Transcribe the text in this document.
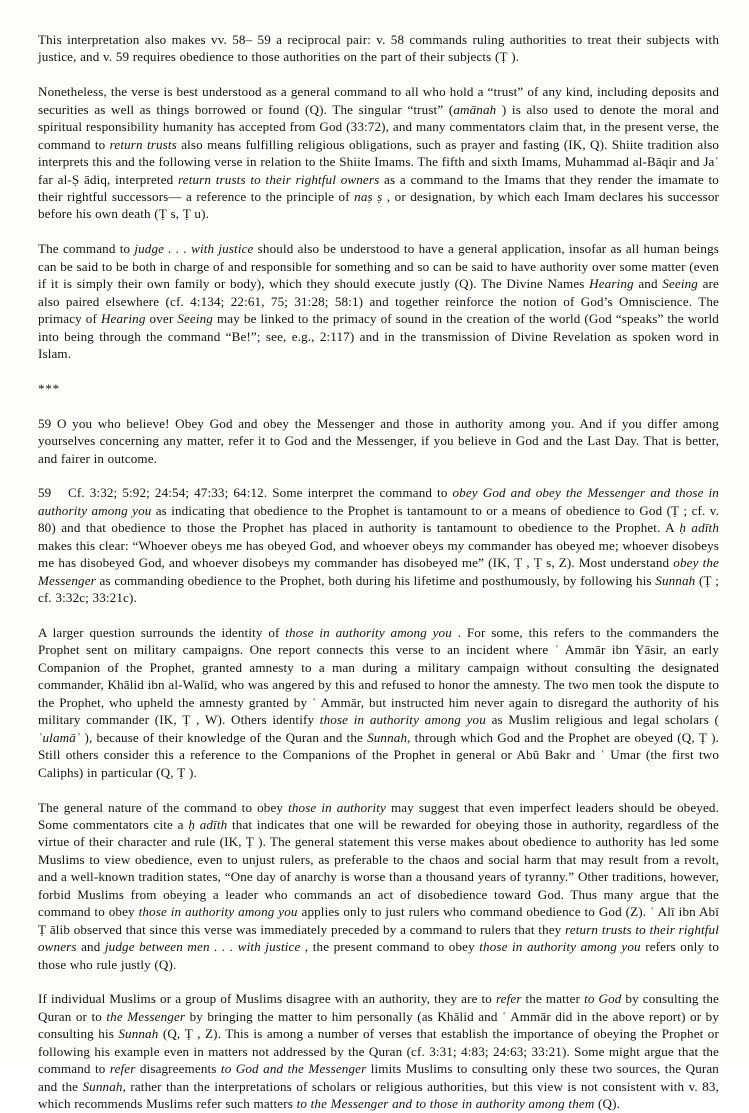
This interpretation also makes vv. 58– 59 a reciprocal pair: v. 58 commands ruling authorities to treat their subjects with justice, and v. 59 requires obedience to those authorities on the part of their subjects (Ṭ ).

Nonetheless, the verse is best understood as a general command to all who hold a “trust” of any kind, including deposits and securities as well as things borrowed or found (Q). The singular “trust” (amānah ) is also used to denote the moral and spiritual responsibility humanity has accepted from God (33:72), and many commentators claim that, in the present verse, the command to return trusts also means fulfilling religious obligations, such as prayer and fasting (IK, Q). Shiite tradition also interprets this and the following verse in relation to the Shiite Imams. The fifth and sixth Imams, Muhammad al-Bāqir and Jaʿ far al-Ṣ ādiq, interpreted return trusts to their rightful owners as a command to the Imams that they render the imamate to their rightful successors— a reference to the principle of naṣ ṣ , or designation, by which each Imam declares his successor before his own death (Ṭ s, Ṭ u).

The command to judge . . . with justice should also be understood to have a general application, insofar as all human beings can be said to be both in charge of and responsible for something and so can be said to have authority over some matter (even if it is simply their own family or body), which they should execute justly (Q). The Divine Names Hearing and Seeing are also paired elsewhere (cf. 4:134; 22:61, 75; 31:28; 58:1) and together reinforce the notion of God’s Omniscience. The primacy of Hearing over Seeing may be linked to the primacy of sound in the creation of the world (God “speaks” the world into being through the command “Be!”; see, e.g., 2:117) and in the transmission of Divine Revelation as spoken word in Islam.

***

59 O you who believe! Obey God and obey the Messenger and those in authority among you. And if you differ among yourselves concerning any matter, refer it to God and the Messenger, if you believe in God and the Last Day. That is better, and fairer in outcome.

59 Cf. 3:32; 5:92; 24:54; 47:33; 64:12. Some interpret the command to obey God and obey the Messenger and those in authority among you as indicating that obedience to the Prophet is tantamount to or a means of obedience to God (Ṭ ; cf. v. 80) and that obedience to those the Prophet has placed in authority is tantamount to obedience to the Prophet. A ḥ adīth makes this clear: “Whoever obeys me has obeyed God, and whoever obeys my commander has obeyed me; whoever disobeys me has disobeyed God, and whoever disobeys my commander has disobeyed me” (IK, Ṭ , Ṭ s, Z). Most understand obey the Messenger as commanding obedience to the Prophet, both during his lifetime and posthumously, by following his Sunnah (Ṭ ; cf. 3:32c; 33:21c).

A larger question surrounds the identity of those in authority among you . For some, this refers to the commanders the Prophet sent on military campaigns. One report connects this verse to an incident where ʿ Ammār ibn Yāsir, an early Companion of the Prophet, granted amnesty to a man during a military campaign without consulting the designated commander, Khālid ibn al-Walīd, who was angered by this and refused to honor the amnesty. The two men took the dispute to the Prophet, who upheld the amnesty granted by ʿ Ammār, but instructed him never again to disregard the authority of his military commander (IK, Ṭ , W). Others identify those in authority among you as Muslim religious and legal scholars ( ʿulamāʾ ), because of their knowledge of the Quran and the Sunnah, through which God and the Prophet are obeyed (Q, Ṭ ). Still others consider this a reference to the Companions of the Prophet in general or Abū Bakr and ʿ Umar (the first two Caliphs) in particular (Q, Ṭ ).

The general nature of the command to obey those in authority may suggest that even imperfect leaders should be obeyed. Some commentators cite a ḥ adīth that indicates that one will be rewarded for obeying those in authority, regardless of the virtue of their character and rule (IK, Ṭ ). The general statement this verse makes about obedience to authority has led some Muslims to view obedience, even to unjust rulers, as preferable to the chaos and social harm that may result from a revolt, and a well-known tradition states, “One day of anarchy is worse than a thousand years of tyranny.” Other traditions, however, forbid Muslims from obeying a leader who commands an act of disobedience toward God. Thus many argue that the command to obey those in authority among you applies only to just rulers who command obedience to God (Z). ʿ Alī ibn Abī Ṭ ālib observed that since this verse was immediately preceded by a command to rulers that they return trusts to their rightful owners and judge between men . . . with justice , the present command to obey those in authority among you refers only to those who rule justly (Q).

If individual Muslims or a group of Muslims disagree with an authority, they are to refer the matter to God by consulting the Quran or to the Messenger by bringing the matter to him personally (as Khālid and ʿ Ammār did in the above report) or by consulting his Sunnah (Q, Ṭ , Z). This is among a number of verses that establish the importance of obeying the Prophet or following his example even in matters not addressed by the Quran (cf. 3:31; 4:83; 24:63; 33:21). Some might argue that the command to refer disagreements to God and the Messenger limits Muslims to consulting only these two sources, the Quran and the Sunnah, rather than the interpretations of scholars or religious authorities, but this view is not consistent with v. 83, which recommends Muslims refer such matters to the Messenger and to those in authority among them (Q).
